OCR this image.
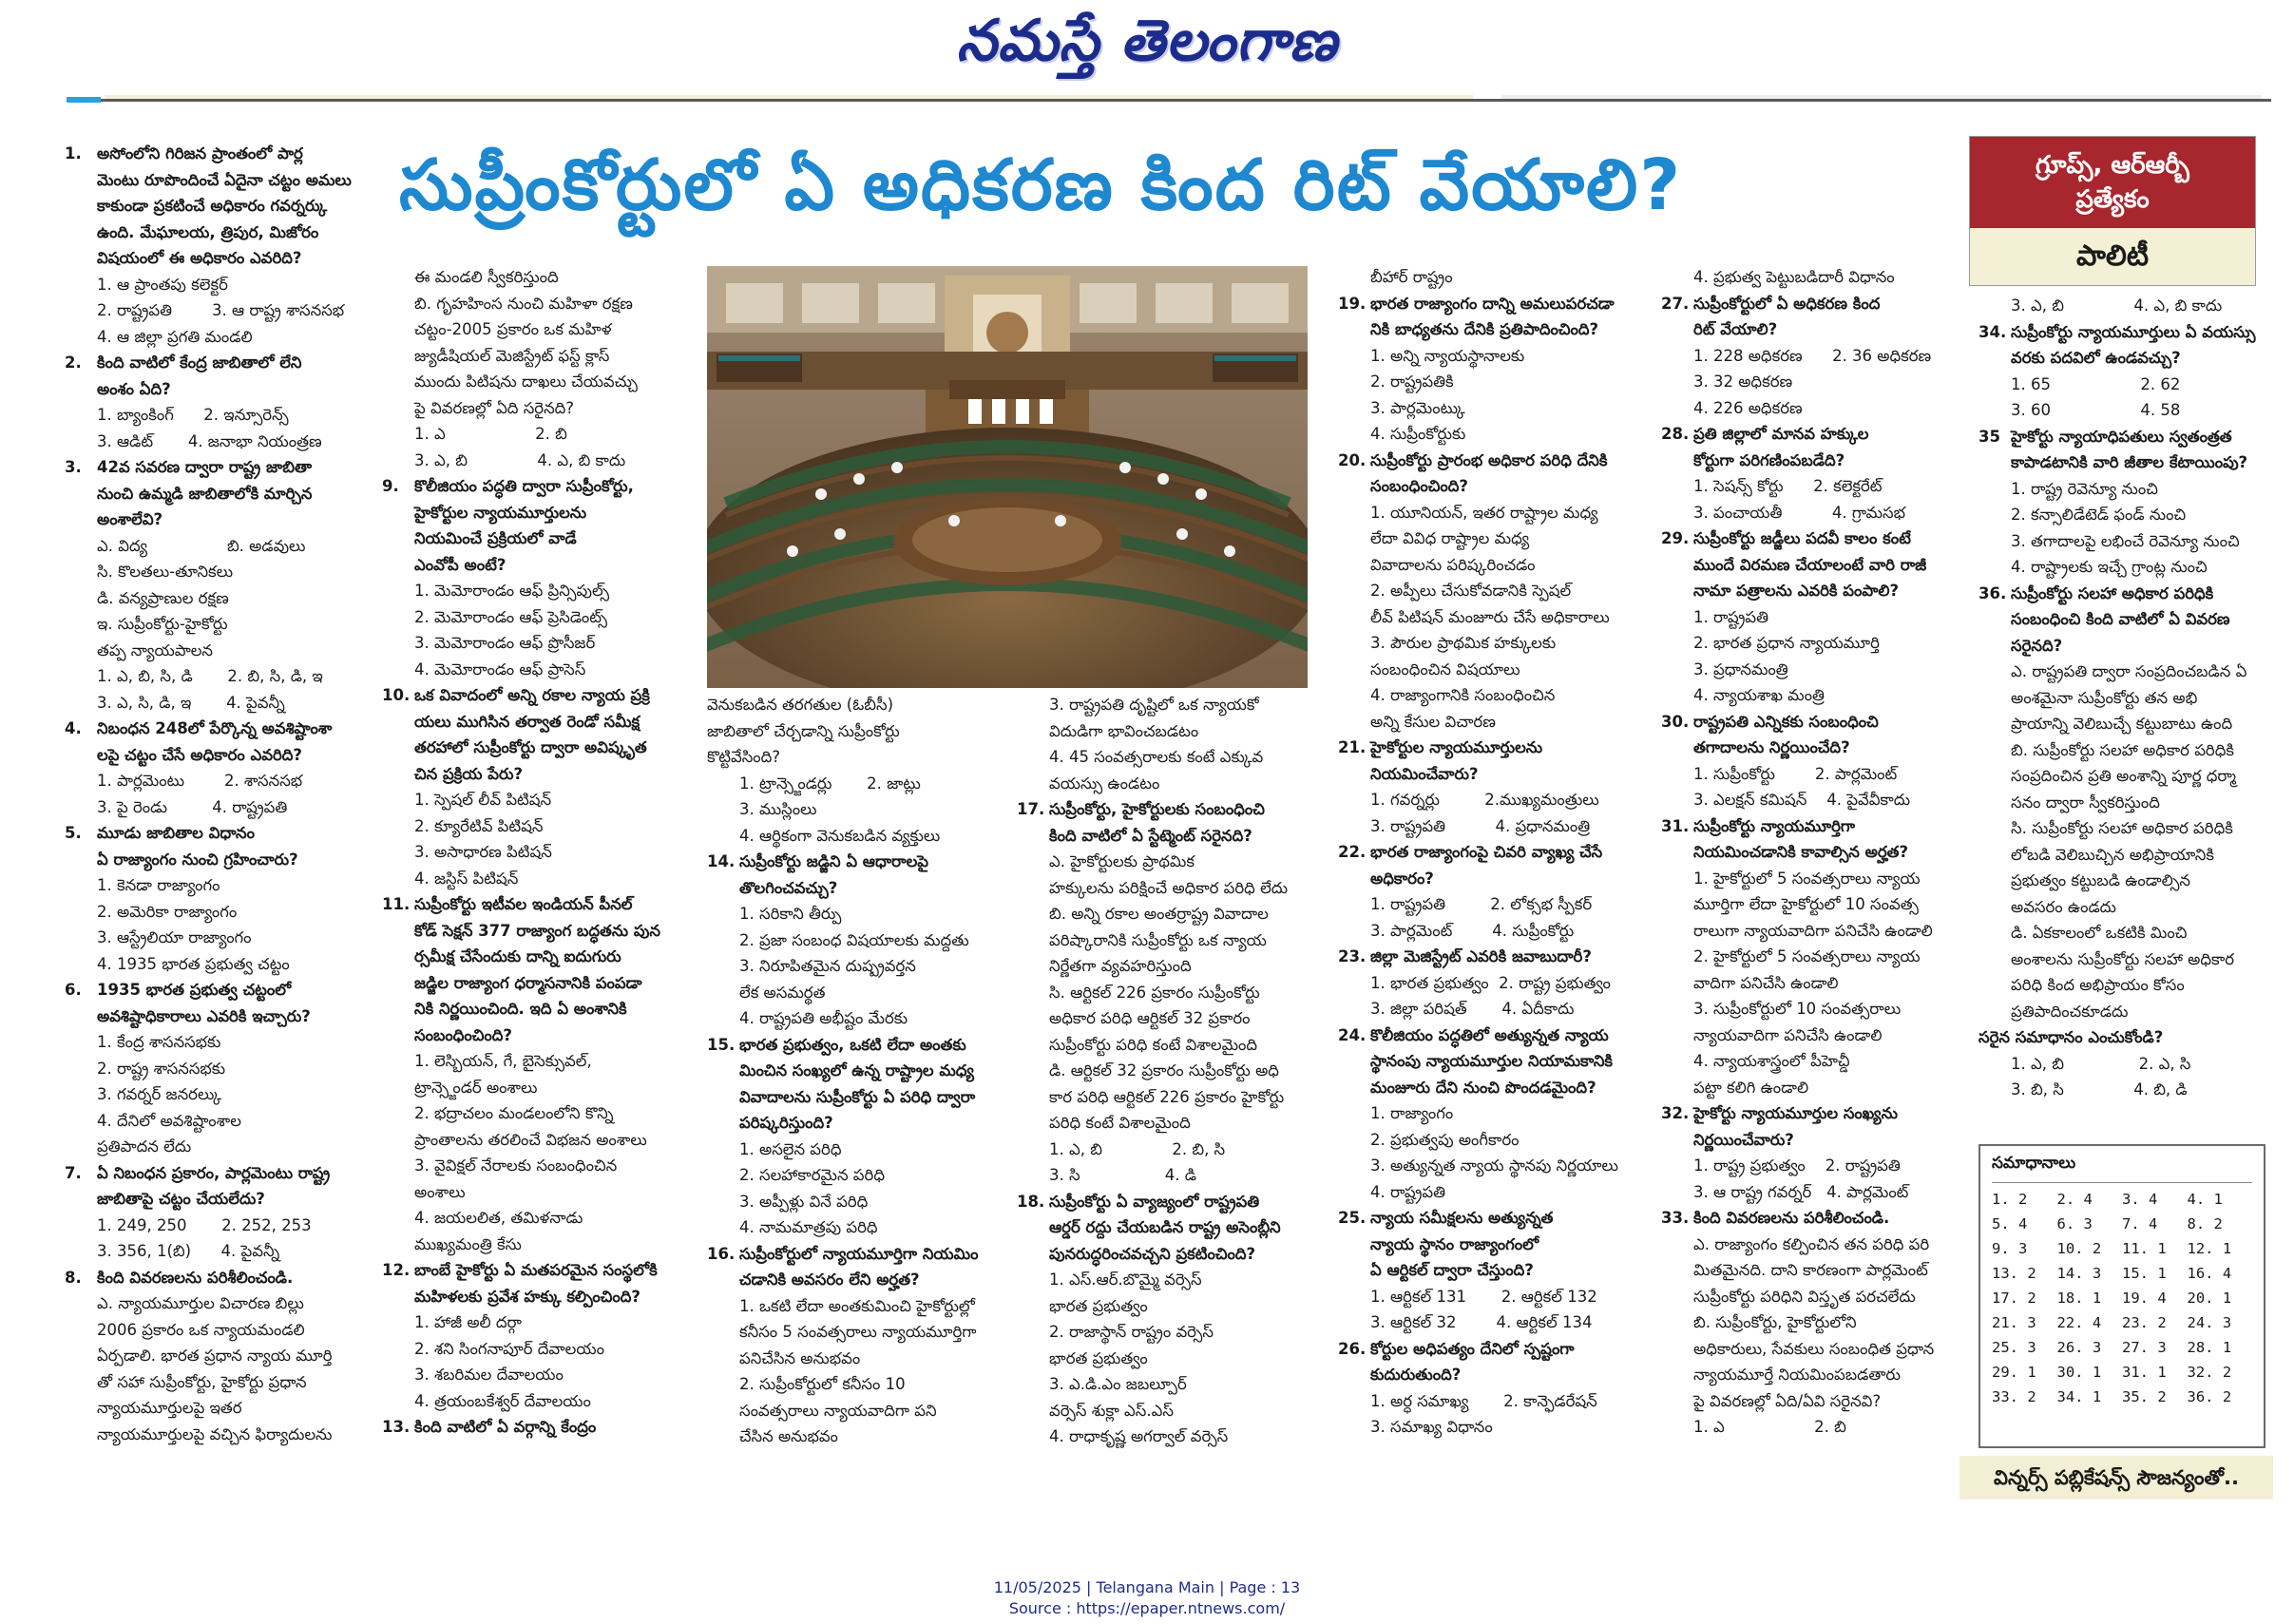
నమస్తే తెలంగాణ
సుప్రీంకోర్టులో ఏ అధికరణ కింద రిట్ వేయాలి?	గ్రూప్స్, ఆర్ఆర్బీ
ప్రత్యేకం
పాలిటీ

1. అసోంలోని గిరిజన ప్రాంతంలో పార్ల

మెంటు రూపొందించే ఏదైనా చట్టం అమలు

కాకుండా ప్రకటించే అధికారం గవర్నర్కు

ఉంది. మేఘాలయ, త్రిపుర, మిజోరం

విషయంలో ఈ అధికారం ఎవరిది?

1. ఆ ప్రాంతపు కలెక్టర్

2. రాష్ట్రపతి        3. ఆ రాష్ట్ర శాసనసభ

4. ఆ జిల్లా ప్రగతి మండలి

2. కింది వాటిలో కేంద్ర జాబితాలో లేని

అంశం ఏది?

1. బ్యాంకింగ్      2. ఇన్సూరెన్స్

3. ఆడిట్       4. జనాభా నియంత్రణ

3. 42వ సవరణ ద్వారా రాష్ట్ర జాబితా

నుంచి ఉమ్మడి జాబితాలోకి మార్చిన

అంశాలేవి?

ఎ. విద్య                బి. అడవులు

సి. కొలతలు-తూనికలు

డి. వన్యప్రాణుల రక్షణ

ఇ. సుప్రీంకోర్టు-హైకోర్టు

తప్ప న్యాయపాలన

1. ఎ, బి, సి, డి       2. బి, సి, డి, ఇ

3. ఎ, సి, డి, ఇ       4. పైవన్నీ

4. నిబంధన 248లో పేర్కొన్న అవశిష్టాంశా

లపై చట్టం చేసే అధికారం ఎవరిది?

1. పార్లమెంటు        2. శాసనసభ

3. పై రెండు         4. రాష్ట్రపతి

5. మూడు జాబితాల విధానం

ఏ రాజ్యాంగం నుంచి గ్రహించారు?

1. కెనడా రాజ్యాంగం

2. అమెరికా రాజ్యాంగం

3. ఆస్ట్రేలియా రాజ్యాంగం

4. 1935 భారత ప్రభుత్వ చట్టం

6. 1935 భారత ప్రభుత్వ చట్టంలో

అవశిష్టాధికారాలు ఎవరికి ఇచ్చారు?

1. కేంద్ర శాసనసభకు

2. రాష్ట్ర శాసనసభకు

3. గవర్నర్ జనరల్కు

4. దేనిలో అవశిష్టాంశాల

ప్రతిపాదన లేదు

7. ఏ నిబంధన ప్రకారం, పార్లమెంటు రాష్ట్ర

జాబితాపై చట్టం చేయలేదు?

1. 249, 250       2. 252, 253

3. 356, 1(బి)      4. పైవన్నీ

8. కింది వివరణలను పరిశీలించండి.

ఎ. న్యాయమూర్తుల విచారణ బిల్లు

2006 ప్రకారం ఒక న్యాయమండలి

ఏర్పడాలి. భారత ప్రధాన న్యాయ మూర్తి

తో సహా సుప్రీంకోర్టు, హైకోర్టు ప్రధాన

న్యాయమూర్తులపై ఇతర

న్యాయమూర్తులపై వచ్చిన ఫిర్యాదులను

ఈ మండలి స్వీకరిస్తుంది

బి. గృహహింస నుంచి మహిళా రక్షణ

చట్టం-2005 ప్రకారం ఒక మహిళ

జ్యుడీషియల్ మెజిస్ట్రేట్ ఫస్ట్ క్లాస్

ముందు పిటిషను దాఖలు చేయవచ్చు

పై వివరణల్లో ఏది సరైనది?

1. ఎ                  2. బి

3. ఎ, బి              4. ఎ, బి కాదు

9. కొలీజియం పద్ధతి ద్వారా సుప్రీంకోర్టు,

హైకోర్టుల న్యాయమూర్తులను

నియమించే ప్రక్రియలో వాడే

ఎంవోపీ అంటే?

1. మెమోరాండం ఆఫ్ ప్రిన్సిపుల్స్

2. మెమోరాండం ఆఫ్ ప్రెసిడెంట్స్

3. మెమోరాండం ఆఫ్ ప్రొసీజర్

4. మెమోరాండం ఆఫ్ ప్రాసెస్

10. ఒక వివాదంలో అన్ని రకాల న్యాయ ప్రక్రి

యలు ముగిసిన తర్వాత రెండో సమీక్ష

తరహాలో సుప్రీంకోర్టు ద్వారా అవిష్కృత

చిన ప్రక్రియ పేరు?

1. స్పెషల్ లీవ్ పిటిషన్

2. క్యూరేటివ్ పిటిషన్

3. అసాధారణ పిటిషన్

4. జస్టిస్ పిటిషన్

11. సుప్రీంకోర్టు ఇటీవల ఇండియన్ పీనల్

కోడ్ సెక్షన్ 377 రాజ్యాంగ బద్ధతను పున

ర్సమీక్ష చేసేందుకు దాన్ని ఐదుగురు

జడ్జిల రాజ్యాంగ ధర్మాసనానికి పంపడా

నికి నిర్ణయించింది. ఇది ఏ అంశానికి

సంబంధించింది?

1. లెస్బియన్, గే, బైసెక్సువల్,

ట్రాన్స్జెండర్ అంశాలు

2. భద్రాచలం మండలంలోని కొన్ని

ప్రాంతాలను తరలించే విభజన అంశాలు

3. వైవిక్షల్ నేరాలకు సంబంధించిన

అంశాలు

4. జయలలిత, తమిళనాడు

ముఖ్యమంత్రి కేసు

12. బాంబే హైకోర్టు ఏ మతపరమైన సంస్థలోకి

మహిళలకు ప్రవేశ హక్కు కల్పించింది?

1. హాజీ అలీ దర్గా

2. శని సింగనాపూర్ దేవాలయం

3. శబరిమల దేవాలయం

4. త్రయంబకేశ్వర్ దేవాలయం

13. కింది వాటిలో ఏ వర్గాన్ని కేంద్రం

వెనుకబడిన తరగతుల (ఓబీసీ)

జాబితాలో చేర్చడాన్ని సుప్రీంకోర్టు

కొట్టివేసింది?

1. ట్రాన్స్జెండర్లు       2. జాట్లు

3. ముస్లింలు

4. ఆర్థికంగా వెనుకబడిన వ్యక్తులు

14. సుప్రీంకోర్టు జడ్జిని ఏ ఆధారాలపై

తొలగించవచ్చు?

1. సరికాని తీర్పు

2. ప్రజా సంబంధ విషయాలకు మద్దతు

3. నిరూపితమైన దుష్ప్రవర్తన

లేక అసమర్థత

4. రాష్ట్రపతి అభీష్టం మేరకు

15. భారత ప్రభుత్వం, ఒకటి లేదా అంతకు

మించిన సంఖ్యలో ఉన్న రాష్ట్రాల మధ్య

వివాదాలను సుప్రీంకోర్టు ఏ పరిధి ద్వారా

పరిష్కరిస్తుంది?

1. అసలైన పరిధి

2. సలహాకారమైన పరిధి

3. అప్పీళ్లు వినే పరిధి

4. నామమాత్రపు పరిధి

16. సుప్రీంకోర్టులో న్యాయమూర్తిగా నియమిం

చడానికి అవసరం లేని అర్హత?

1. ఒకటి లేదా అంతకుమించి హైకోర్టుల్లో

కనీసం 5 సంవత్సరాలు న్యాయమూర్తిగా

పనిచేసిన అనుభవం

2. సుప్రీంకోర్టులో కనీసం 10

సంవత్సరాలు న్యాయవాదిగా పని

చేసిన అనుభవం

3. రాష్ట్రపతి దృష్టిలో ఒక న్యాయకో

విదుడిగా భావించబడటం

4. 45 సంవత్సరాలకు కంటే ఎక్కువ

వయస్సు ఉండటం

17. సుప్రీంకోర్టు, హైకోర్టులకు సంబంధించి

కింది వాటిలో ఏ స్టేట్మెంట్ సరైనది?

ఎ. హైకోర్టులకు ప్రాథమిక

హక్కులను పరిక్షించే అధికార పరిధి లేదు

బి. అన్ని రకాల అంతర్రాష్ట్ర వివాదాల

పరిష్కారానికి సుప్రీంకోర్టు ఒక న్యాయ

నిర్ణేతగా వ్యవహరిస్తుంది

సి. ఆర్టికల్ 226 ప్రకారం సుప్రీంకోర్టు

అధికార పరిధి ఆర్టికల్ 32 ప్రకారం

సుప్రీంకోర్టు పరిధి కంటే విశాలమైంది

డి. ఆర్టికల్ 32 ప్రకారం సుప్రీంకోర్టు అధి

కార పరిధి ఆర్టికల్ 226 ప్రకారం హైకోర్టు

పరిధి కంటే విశాలమైంది

1. ఎ, బి              2. బి, సి

3. సి                 4. డి

18. సుప్రీంకోర్టు ఏ వ్యాజ్యంలో రాష్ట్రపతి

ఆర్డర్ రద్దు చేయబడిన రాష్ట్ర అసెంబ్లీని

పునరుద్ధరించవచ్చని ప్రకటించింది?

1. ఎస్.ఆర్.బొమ్మై వర్సెస్

భారత ప్రభుత్వం

2. రాజాస్థాన్ రాష్ట్రం వర్సెస్

భారత ప్రభుత్వం

3. ఎ.డి.ఎం జబల్పూర్

వర్సెస్ శుక్లా ఎస్.ఎస్

4. రాధాకృష్ణ అగర్వాల్ వర్సెస్

బీహార్ రాష్ట్రం

19. భారత రాజ్యాంగం దాన్ని అమలుపరచడా

నికి బాధ్యతను దేనికి ప్రతిపాదించింది?

1. అన్ని న్యాయస్థానాలకు

2. రాష్ట్రపతికి

3. పార్లమెంట్కు

4. సుప్రీంకోర్టుకు

20. సుప్రీంకోర్టు ప్రారంభ అధికార పరిధి దేనికి

సంబంధించింది?

1. యూనియన్, ఇతర రాష్ట్రాల మధ్య

లేదా వివిధ రాష్ట్రాల మధ్య

వివాదాలను పరిష్కరించడం

2. అప్పీలు చేసుకోవడానికి స్పెషల్

లీవ్ పిటిషన్ మంజూరు చేసే అధికారాలు

3. పౌరుల ప్రాథమిక హక్కులకు

సంబంధించిన విషయాలు

4. రాజ్యాంగానికి సంబంధించిన

అన్ని కేసుల విచారణ

21. హైకోర్టుల న్యాయమూర్తులను

నియమించేవారు?

1. గవర్నర్లు         2.ముఖ్యమంత్రులు

3. రాష్ట్రపతి          4. ప్రధానమంత్రి

22. భారత రాజ్యాంగంపై చివరి వ్యాఖ్య చేసే

అధికారం?

1. రాష్ట్రపతి         2. లోక్సభ స్పీకర్

3. పార్లమెంట్        4. సుప్రీంకోర్టు

23. జిల్లా మెజిస్ట్రేట్ ఎవరికి జవాబుదారీ?

1. భారత ప్రభుత్వం  2. రాష్ట్ర ప్రభుత్వం

3. జిల్లా పరిషత్       4. ఏదీకాదు

24. కొలీజియం పద్ధతిలో అత్యున్నత న్యాయ

స్థానంపు న్యాయమూర్తుల నియామకానికి

మంజూరు దేని నుంచి పొందడమైంది?

1. రాజ్యాంగం

2. ప్రభుత్వపు అంగీకారం

3. అత్యున్నత న్యాయ స్థానపు నిర్ణయాలు

4. రాష్ట్రపతి

25. న్యాయ సమీక్షలను అత్యున్నత

న్యాయ స్థానం రాజ్యాంగంలో

ఏ ఆర్టికల్ ద్వారా చేస్తుంది?

1. ఆర్టికల్ 131       2. ఆర్టికల్ 132

3. ఆర్టికల్ 32        4. ఆర్టికల్ 134

26. కోర్టుల అధిపత్యం దేనిలో స్పష్టంగా

కుదురుతుంది?

1. అర్ధ సమాఖ్య       2. కాన్ఫెడరేషన్

3. సమాఖ్య విధానం

4. ప్రభుత్వ పెట్టుబడిదారీ విధానం

27. సుప్రీంకోర్టులో ఏ అధికరణ కింద

రిట్ వేయాలి?

1. 228 అధికరణ      2. 36 అధికరణ

3. 32 అధికరణ

4. 226 అధికరణ

28. ప్రతి జిల్లాలో మానవ హక్కుల

కోర్టుగా పరిగణింపబడేది?

1. సెషన్స్ కోర్టు      2. కలెక్టరేట్

3. పంచాయతీ          4. గ్రామసభ

29. సుప్రీంకోర్టు జడ్జీలు పదవీ కాలం కంటే

ముందే విరమణ చేయాలంటే వారి రాజీ

నామా పత్రాలను ఎవరికి పంపాలి?

1. రాష్ట్రపతి

2. భారత ప్రధాన న్యాయమూర్తి

3. ప్రధానమంత్రి

4. న్యాయశాఖ మంత్రి

30. రాష్ట్రపతి ఎన్నికకు సంబంధించి

తగాదాలను నిర్ణయించేది?

1. సుప్రీంకోర్టు        2. పార్లమెంట్

3. ఎలక్షన్ కమిషన్    4. పైవేవీకాదు

31. సుప్రీంకోర్టు న్యాయమూర్తిగా

నియమించడానికి కావాల్సిన అర్హత?

1. హైకోర్టులో 5 సంవత్సరాలు న్యాయ

మూర్తిగా లేదా హైకోర్టులో 10 సంవత్స

రాలుగా న్యాయవాదిగా పనిచేసి ఉండాలి

2. హైకోర్టులో 5 సంవత్సరాలు న్యాయ

వాదిగా పనిచేసి ఉండాలి

3. సుప్రీంకోర్టులో 10 సంవత్సరాలు

న్యాయవాదిగా పనిచేసి ఉండాలి

4. న్యాయశాస్త్రంలో పీహెచ్డీ

పట్టా కలిగి ఉండాలి

32. హైకోర్టు న్యాయమూర్తుల సంఖ్యను

నిర్ణయించేవారు?

1. రాష్ట్ర ప్రభుత్వం    2. రాష్ట్రపతి

3. ఆ రాష్ట్ర గవర్నర్   4. పార్లమెంట్

33. కింది వివరణలను పరిశీలించండి.

ఎ. రాజ్యాంగం కల్పించిన తన పరిధి పరి

మితమైనది. దాని కారణంగా పార్లమెంట్

సుప్రీంకోర్టు పరిధిని విస్తృత పరచలేదు

బి. సుప్రీంకోర్టు, హైకోర్టులోని

అధికారులు, సేవకులు సంబంధిత ప్రధాన

న్యాయమూర్తే నియమింపబడతారు

పై వివరణల్లో ఏది/ఏవి సరైనవి?

1. ఎ                  2. బి

3. ఎ, బి              4. ఎ, బి కాదు

34. సుప్రీంకోర్టు న్యాయమూర్తులు ఏ వయస్సు

వరకు పదవిలో ఉండవచ్చు?

1. 65                  2. 62

3. 60                  4. 58

35 హైకోర్టు న్యాయాధిపతులు స్వతంత్రత

కాపాడటానికి వారి జీతాల కేటాయింపు?

1. రాష్ట్ర రెవెన్యూ నుంచి

2. కన్సాలిడేటెడ్ ఫండ్ నుంచి

3. తగాదాలపై లభించే రెవెన్యూ నుంచి

4. రాష్ట్రాలకు ఇచ్చే గ్రాంట్ల నుంచి

36. సుప్రీంకోర్టు సలహా అధికార పరిధికి

సంబంధించి కింది వాటిలో ఏ వివరణ

సరైనది?

ఎ. రాష్ట్రపతి ద్వారా సంప్రదించబడిన ఏ

అంశమైనా సుప్రీంకోర్టు తన అభి

ప్రాయాన్ని వెలిబుచ్చే కట్టుబాటు ఉంది

బి. సుప్రీంకోర్టు సలహా అధికార పరిధికి

సంప్రదించిన ప్రతి అంశాన్ని పూర్ణ ధర్మా

సనం ద్వారా స్వీకరిస్తుంది

సి. సుప్రీంకోర్టు సలహా అధికార పరిధికి

లోబడి వెలిబుచ్చిన అభిప్రాయానికి

ప్రభుత్వం కట్టుబడి ఉండాల్సిన

అవసరం ఉండదు

డి. ఏకకాలంలో ఒకటికి మించి

అంశాలను సుప్రీంకోర్టు సలహా అధికార

పరిధి కింద అభిప్రాయం కోసం

ప్రతిపాదించకూడదు

సరైన సమాధానం ఎంచుకోండి?

1. ఎ, బి               2. ఎ, సి

3. బి, సి              4. బి, డి

సమాధానాలు
1. 2	2. 4	3. 4	4. 1
5. 4	6. 3	7. 4	8. 2
9. 3	10. 2	11. 1	12. 1
13. 2	14. 3	15. 1	16. 4
17. 2	18. 1	19. 4	20. 1
21. 3	22. 4	23. 2	24. 3
25. 3	26. 3	27. 3	28. 1
29. 1	30. 1	31. 1	32. 2
33. 2	34. 1	35. 2	36. 2
విన్నర్స్ పబ్లికేషన్స్ సౌజన్యంతో..
11/05/2025 | Telangana Main | Page : 13
Source : https://epaper.ntnews.com/
